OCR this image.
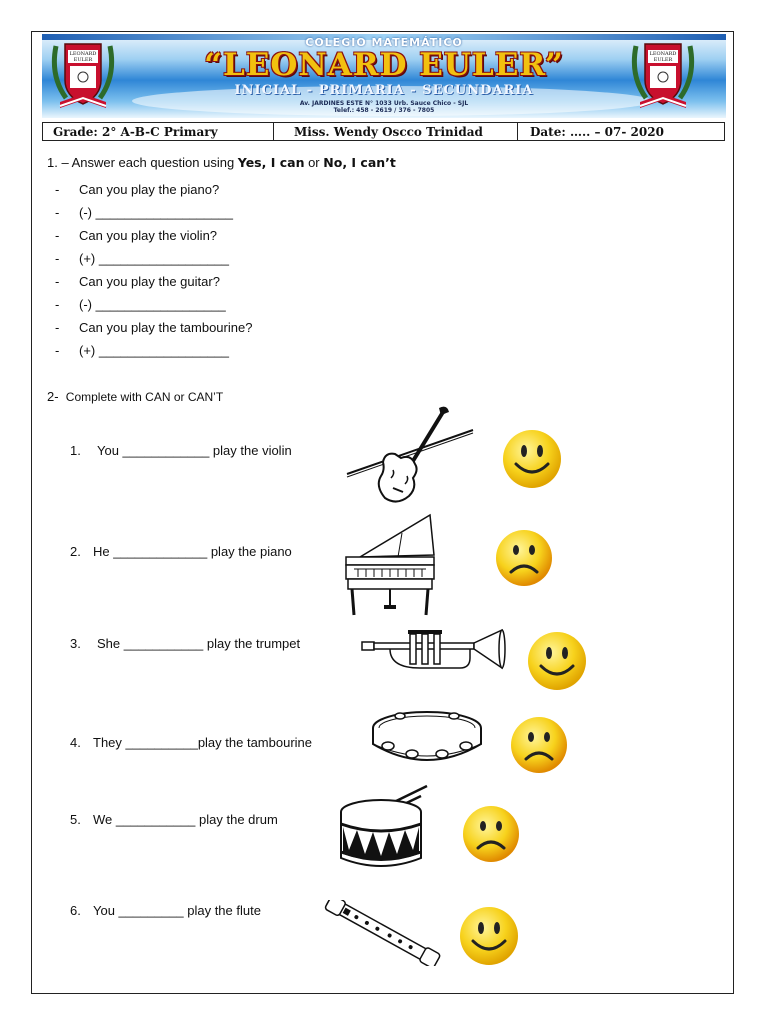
COLEGIO MATEMÁTICO
“LEONARD EULER”
INICIAL - PRIMARIA - SECUNDARIA
Av. JARDINES ESTE N° 1033 Urb. Sauce Chico - SJL
Telef.: 458 - 2619 / 376 - 7805
LEONARD
EULER
LEONARD
EULER
Grade: 2° A-B-C Primary	Miss. Wendy Oscco Trinidad	Date: ….. – 07- 2020
1. – Answer each question using Yes, I can or No, I can’t
- Can you play the piano?
- (-) ___________________
- Can you play the violin?
- (+) __________________
- Can you play the guitar?
- (-) __________________
- Can you play the tambourine?
- (+) __________________
2- Complete with CAN or CAN’T
1. You ____________ play the violin
2. He _____________ play the piano
3. She ___________ play the trumpet
4. They __________play the tambourine
5. We ___________ play the drum
6. You _________ play the flute
